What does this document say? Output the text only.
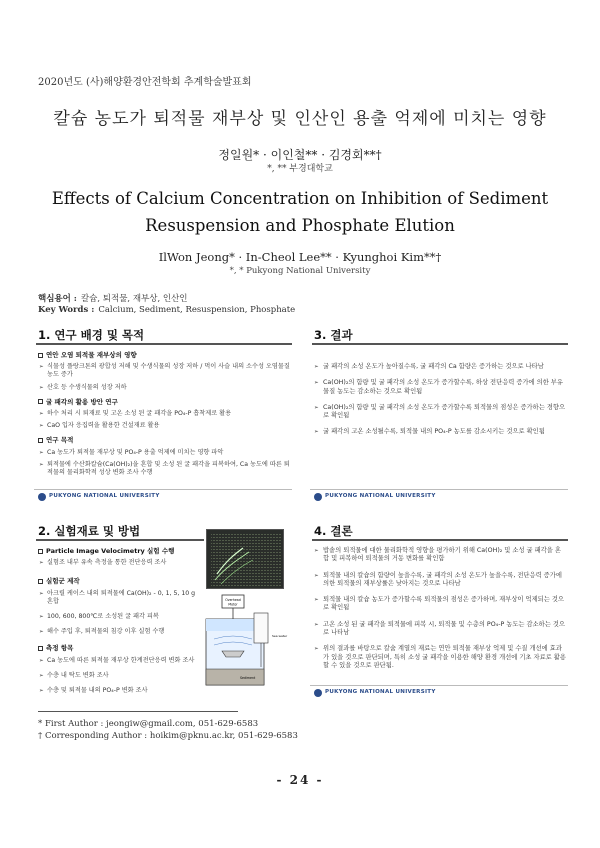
2020년도 (사)해양환경안전학회 추계학술발표회
칼슘 농도가 퇴적물 재부상 및 인산인 용출 억제에 미치는 영향
정일원* · 이인철** · 김경회**†
*, ** 부경대학교
Effects of Calcium Concentration on Inhibition of Sediment Resuspension and Phosphate Elution
IlWon Jeong* · In-Cheol Lee** · Kyunghoi Kim**†
*, * Pukyong National University
핵심용어 : 칼슘, 퇴적물, 재부상, 인산인
Key Words : Calcium, Sediment, Resuspension, Phosphate
1. 연구 배경 및 목적
연안 오염 퇴적물 재부상의 영향
➢ 식물성 플랑크톤의 광합성 저해 및 수생식물의 성장 저하 / 먹이 사슬 내의 소수성 오염물질 농도 증가
➢ 산호 등 수생식물의 성장 저하
굴 패각의 활용 방안 연구
➢ 하수 처리 시 퇴재료 및 고온 소성 된 굴 패각을 PO₄-P 흡착제로 활용
➢ CaO 입자 응집력을 활용한 건설재료 활용
연구 목적
➢ Ca 농도가 퇴적물 재부상 및 PO₄-P 용출 억제에 미치는 영향 파악
➢ 퇴적물에 수산화칼슘(Ca(OH)₂)을 혼합 및 소성 된 굴 패각을 피복하여, Ca 농도에 따른 퇴적물의 물리화학적 성상 변화 조사 수행
PUKYONG NATIONAL UNIVERSITY
3. 결과
➢ 굴 패각의 소성 온도가 높아질수록, 굴 패각의 Ca 함량은 증가하는 것으로 나타남
➢ Ca(OH)₂의 함량 및 굴 패각의 소성 온도가 증가할수록, 하상 전단응력 증가에 의한 부유물질 농도는 감소하는 것으로 확인됨
➢ Ca(OH)₂의 함량 및 굴 패각의 소성 온도가 증가할수록 퇴적물의 점성은 증가하는 경향으로 확인됨
➢ 굴 패각의 고온 소성될수록, 퇴적물 내의 PO₄-P 농도를 감소시키는 것으로 확인됨
PUKYONG NATIONAL UNIVERSITY
2. 실험재료 및 방법
Particle Image Velocimetry 실험 수행
➢ 실험조 내부 유속 측정을 통한 전단응력 조사
실험군 제작
➢ 아크릴 케이스 내의 퇴적물에 Ca(OH)₂ - 0, 1, 5, 10 g 혼합
➢ 100, 600, 800℃로 소성된 굴 패각 피복
➢ 해수 주입 후, 퇴적물의 침강 이후 실험 수행
측정 항목
➢ Ca 농도에 따른 퇴적물 재부상 한계전단응력 변화 조사
➢ 수층 내 탁도 변화 조사
➢ 수층 및 퇴적물 내의 PO₄-P 변화 조사
Overhead
Motor
Sea water
Sediment
4. 결론
➢ 밥솥의 퇴적물에 대한 물리화학적 영향을 평가하기 위해 Ca(OH)₂ 및 소성 굴 패각을 혼합 및 피복하여 퇴적물의 거동 변화를 확인함
➢ 퇴적물 내의 칼슘의 함량이 높을수록, 굴 패각의 소성 온도가 높을수록, 전단응력 증가에 의한 퇴적물의 재부상률은 낮아지는 것으로 나타남
➢ 퇴적물 내의 칼슘 농도가 증가할수록 퇴적물의 점성은 증가하며, 재부상이 억제되는 것으로 확인됨
➢ 고온 소성 된 굴 패각을 퇴적물에 피복 시, 퇴적물 및 수층의 PO₄-P 농도는 감소하는 것으로 나타남
➢ 위의 결과를 바탕으로 칼슘 계열의 재료는 연안 퇴적물 재부상 억제 및 수질 개선에 효과가 있을 것으로 판단되며, 특히 소성 굴 패각을 이용한 해양 환경 개선에 기초 자료로 활용할 수 있을 것으로 판단됨.
PUKYONG NATIONAL UNIVERSITY
* First Author : jeongiw@gmail.com, 051-629-6583
† Corresponding Author : hoikim@pknu.ac.kr, 051-629-6583
- 24 -
